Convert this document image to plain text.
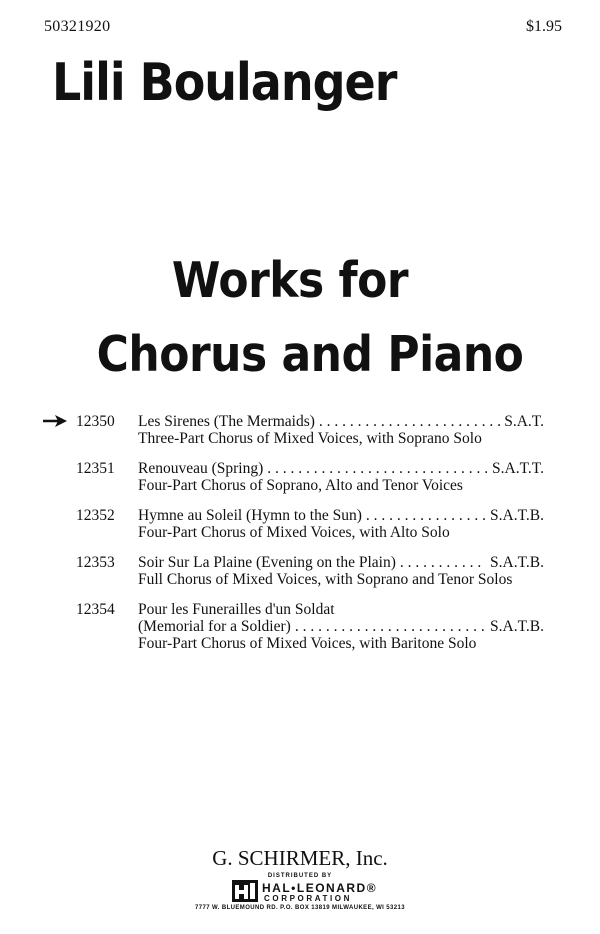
50321920	$1.95
Lili Boulanger
Works for
Chorus and Piano
12350 Les Sirenes (The Mermaids) . . .	S.A.T.
Three-Part Chorus of Mixed Voices, with Soprano Solo
12351 Renouveau (Spring) . . .	S.A.T.T.
Four-Part Chorus of Soprano, Alto and Tenor Voices
12352 Hymne au Soleil (Hymn to the Sun) . . .	S.A.T.B.
Four-Part Chorus of Mixed Voices, with Alto Solo
12353 Soir Sur La Plaine (Evening on the Plain) . . .	S.A.T.B.
Full Chorus of Mixed Voices, with Soprano and Tenor Solos
12354 Pour les Funerailles d'un Soldat
(Memorial for a Soldier) . . .	S.A.T.B.
Four-Part Chorus of Mixed Voices, with Baritone Solo
G. SCHIRMER, Inc.
DISTRIBUTED BY
HAL•LEONARD®
CORPORATION
7777 W. BLUEMOUND RD. P.O. BOX 13819 MILWAUKEE, WI 53213
